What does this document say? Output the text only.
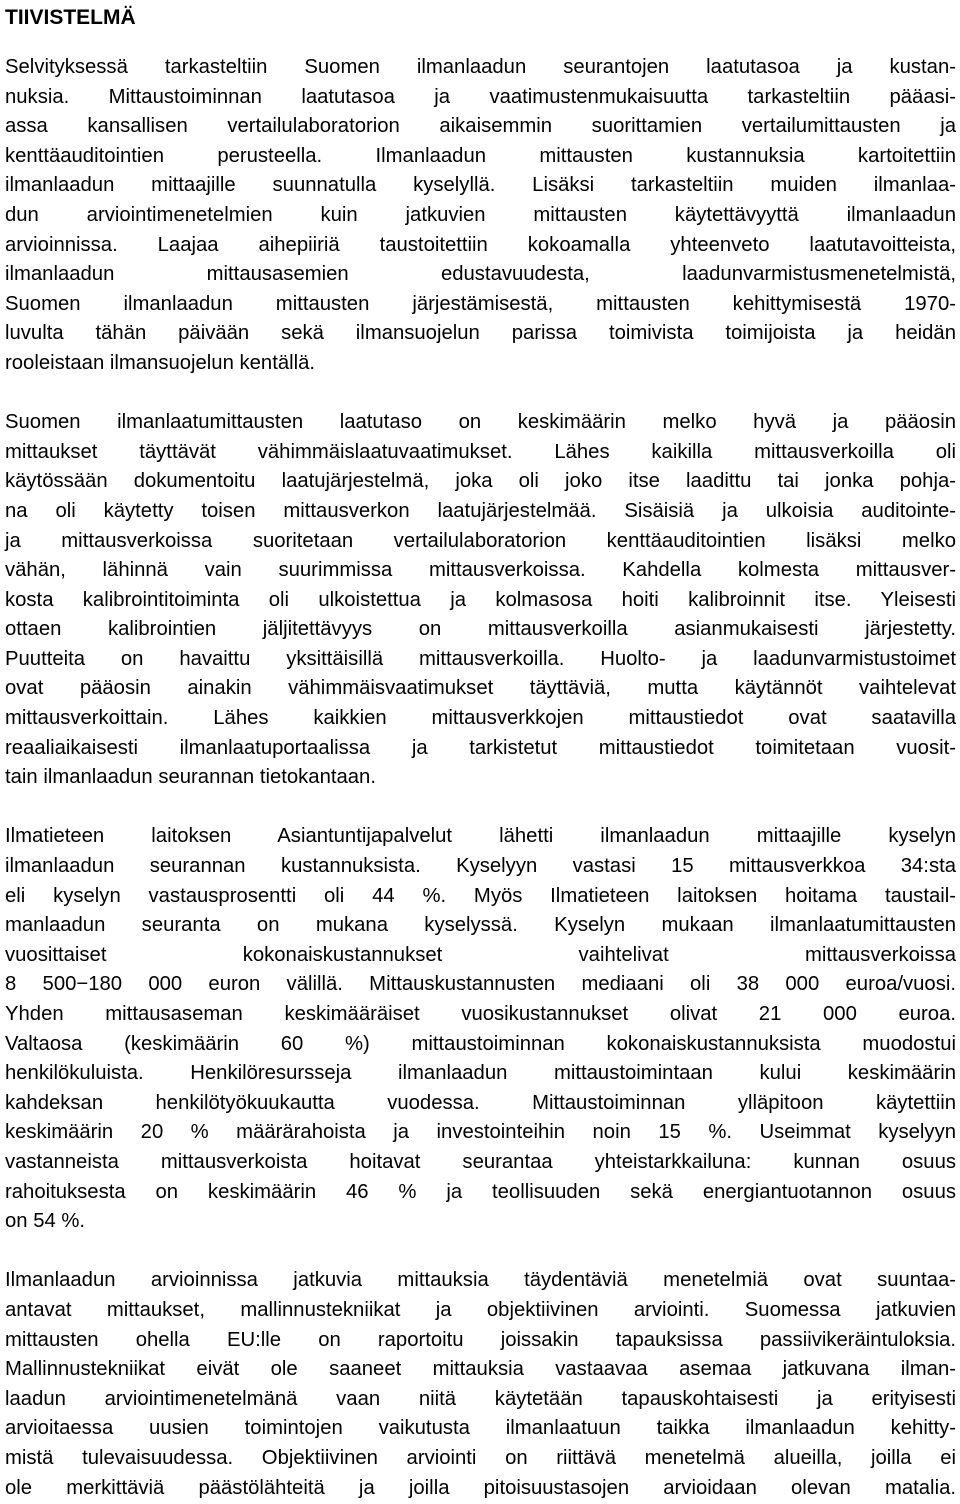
TIIVISTELMÄ

Selvityksessä tarkasteltiin Suomen ilmanlaadun seurantojen laatutasoa ja kustan-
nuksia. Mittaustoiminnan laatutasoa ja vaatimustenmukaisuutta tarkasteltiin pääasi-
assa kansallisen vertailulaboratorion aikaisemmin suorittamien vertailumittausten ja
kenttäauditointien perusteella. Ilmanlaadun mittausten kustannuksia kartoitettiin
ilmanlaadun mittaajille suunnatulla kyselyllä. Lisäksi tarkasteltiin muiden ilmanlaa-
dun arviointimenetelmien kuin jatkuvien mittausten käytettävyyttä ilmanlaadun
arvioinnissa. Laajaa aihepiiriä taustoitettiin kokoamalla yhteenveto laatutavoitteista,
ilmanlaadun mittausasemien edustavuudesta, laadunvarmistusmenetelmistä,
Suomen ilmanlaadun mittausten järjestämisestä, mittausten kehittymisestä 1970-
luvulta tähän päivään sekä ilmansuojelun parissa toimivista toimijoista ja heidän
rooleistaan ilmansuojelun kentällä.

Suomen ilmanlaatumittausten laatutaso on keskimäärin melko hyvä ja pääosin
mittaukset täyttävät vähimmäislaatuvaatimukset. Lähes kaikilla mittausverkoilla oli
käytössään dokumentoitu laatujärjestelmä, joka oli joko itse laadittu tai jonka pohja-
na oli käytetty toisen mittausverkon laatujärjestelmää. Sisäisiä ja ulkoisia auditointe-
ja mittausverkoissa suoritetaan vertailulaboratorion kenttäauditointien lisäksi melko
vähän, lähinnä vain suurimmissa mittausverkoissa. Kahdella kolmesta mittausver-
kosta kalibrointitoiminta oli ulkoistettua ja kolmasosa hoiti kalibroinnit itse. Yleisesti
ottaen kalibrointien jäljitettävyys on mittausverkoilla asianmukaisesti järjestetty.
Puutteita on havaittu yksittäisillä mittausverkoilla. Huolto- ja laadunvarmistustoimet
ovat pääosin ainakin vähimmäisvaatimukset täyttäviä, mutta käytännöt vaihtelevat
mittausverkoittain. Lähes kaikkien mittausverkkojen mittaustiedot ovat saatavilla
reaaliaikaisesti ilmanlaatuportaalissa ja tarkistetut mittaustiedot toimitetaan vuosit-
tain ilmanlaadun seurannan tietokantaan.

Ilmatieteen laitoksen Asiantuntijapalvelut lähetti ilmanlaadun mittaajille kyselyn
ilmanlaadun seurannan kustannuksista. Kyselyyn vastasi 15 mittausverkkoa 34:sta
eli kyselyn vastausprosentti oli 44 %. Myös Ilmatieteen laitoksen hoitama taustail-
manlaadun seuranta on mukana kyselyssä. Kyselyn mukaan ilmanlaatumittausten
vuosittaiset kokonaiskustannukset vaihtelivat mittausverkoissa
8 500−180 000 euron välillä. Mittauskustannusten mediaani oli 38 000 euroa/vuosi.
Yhden mittausaseman keskimääräiset vuosikustannukset olivat 21 000 euroa.
Valtaosa (keskimäärin 60 %) mittaustoiminnan kokonaiskustannuksista muodostui
henkilökuluista. Henkilöresursseja ilmanlaadun mittaustoimintaan kului keskimäärin
kahdeksan henkilötyökuukautta vuodessa. Mittaustoiminnan ylläpitoon käytettiin
keskimäärin 20 % määrärahoista ja investointeihin noin 15 %. Useimmat kyselyyn
vastanneista mittausverkoista hoitavat seurantaa yhteistarkkailuna: kunnan osuus
rahoituksesta on keskimäärin 46 % ja teollisuuden sekä energiantuotannon osuus
on 54 %.

Ilmanlaadun arvioinnissa jatkuvia mittauksia täydentäviä menetelmiä ovat suuntaa-
antavat mittaukset, mallinnustekniikat ja objektiivinen arviointi. Suomessa jatkuvien
mittausten ohella EU:lle on raportoitu joissakin tapauksissa passiivikeräintuloksia.
Mallinnustekniikat eivät ole saaneet mittauksia vastaavaa asemaa jatkuvana ilman-
laadun arviointimenetelmänä vaan niitä käytetään tapauskohtaisesti ja erityisesti
arvioitaessa uusien toimintojen vaikutusta ilmanlaatuun taikka ilmanlaadun kehitty-
mistä tulevaisuudessa. Objektiivinen arviointi on riittävä menetelmä alueilla, joilla ei
ole merkittäviä päästölähteitä ja joilla pitoisuustasojen arvioidaan olevan matalia.
